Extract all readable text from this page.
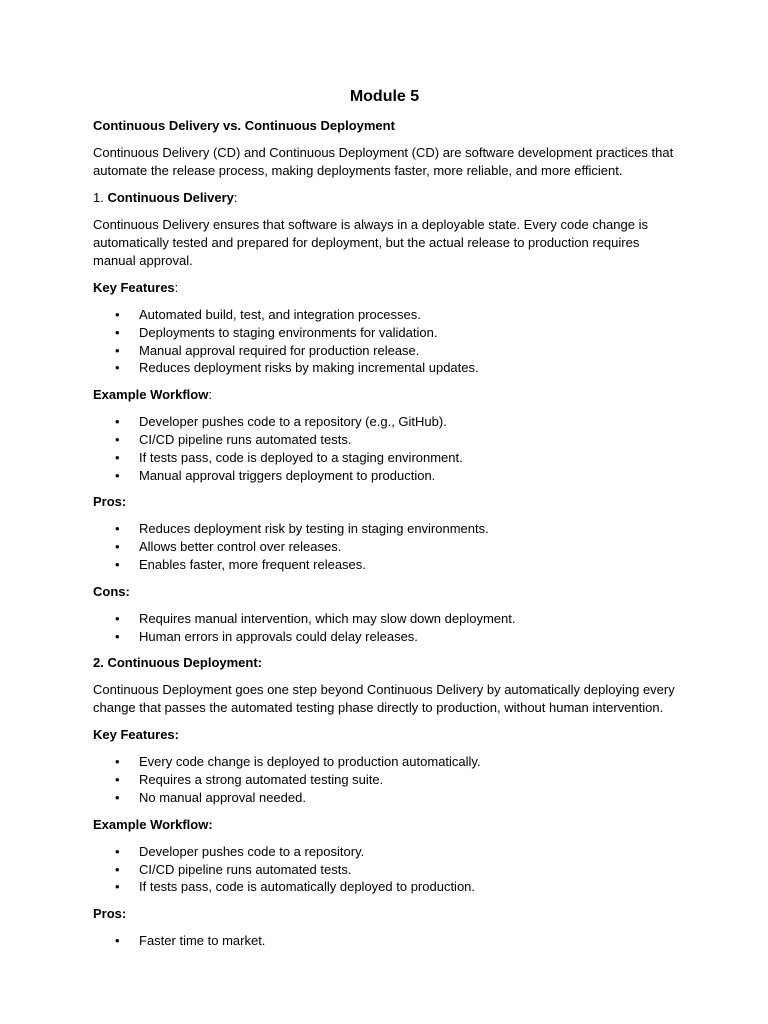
Module 5

Continuous Delivery vs. Continuous Deployment

Continuous Delivery (CD) and Continuous Deployment (CD) are software development practices that automate the release process, making deployments faster, more reliable, and more efficient.

1. Continuous Delivery:

Continuous Delivery ensures that software is always in a deployable state. Every code change is automatically tested and prepared for deployment, but the actual release to production requires manual approval.

Key Features:

• Automated build, test, and integration processes.
• Deployments to staging environments for validation.
• Manual approval required for production release.
• Reduces deployment risks by making incremental updates.

Example Workflow:

• Developer pushes code to a repository (e.g., GitHub).
• CI/CD pipeline runs automated tests.
• If tests pass, code is deployed to a staging environment.
• Manual approval triggers deployment to production.

Pros:

• Reduces deployment risk by testing in staging environments.
• Allows better control over releases.
• Enables faster, more frequent releases.

Cons:

• Requires manual intervention, which may slow down deployment.
• Human errors in approvals could delay releases.

2. Continuous Deployment:

Continuous Deployment goes one step beyond Continuous Delivery by automatically deploying every change that passes the automated testing phase directly to production, without human intervention.

Key Features:

• Every code change is deployed to production automatically.
• Requires a strong automated testing suite.
• No manual approval needed.

Example Workflow:

• Developer pushes code to a repository.
• CI/CD pipeline runs automated tests.
• If tests pass, code is automatically deployed to production.

Pros:

• Faster time to market.
